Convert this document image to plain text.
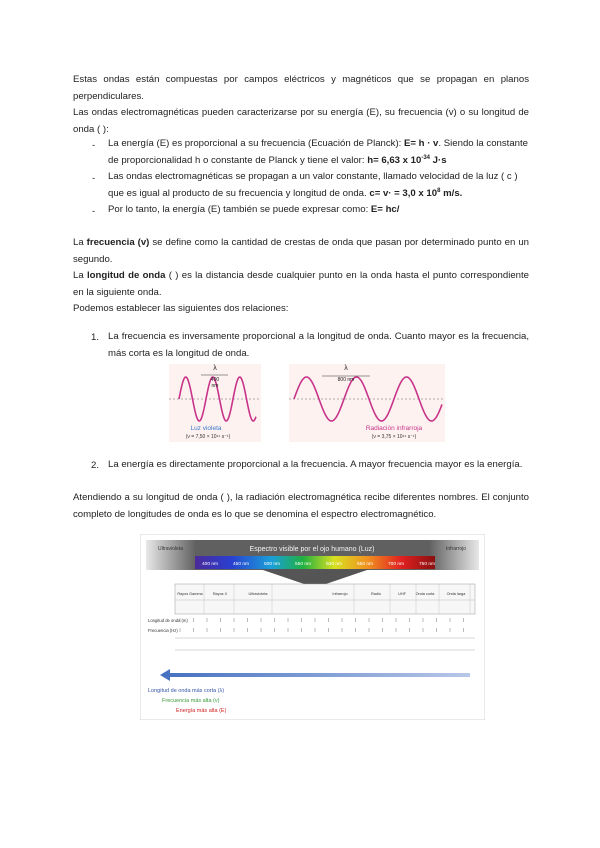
Estas ondas están compuestas por campos eléctricos y magnéticos que se propagan en planos perpendiculares.

Las ondas electromagnéticas pueden caracterizarse por su energía (E), su frecuencia (v) o su longitud de onda ( ):

- La energía (E) es proporcional a su frecuencia (Ecuación de Planck): E= h · v. Siendo la constante de proporcionalidad h o constante de Planck y tiene el valor: h= 6,63 x $10^{-34}$ J·s
- Las ondas electromagnéticas se propagan a un valor constante, llamado velocidad de la luz ( c ) que es igual al producto de su frecuencia y longitud de onda. c= v· = 3,0 x $10^8$ m/s.
- Por lo tanto, la energía (E) también se puede expresar como: E= hc/

La frecuencia (v) se define como la cantidad de crestas de onda que pasan por determinado punto en un segundo.

La longitud de onda ( ) es la distancia desde cualquier punto en la onda hasta el punto correspondiente en la siguiente onda.

Podemos establecer las siguientes dos relaciones:

1. La frecuencia es inversamente proporcional a la longitud de onda. Cuanto mayor es la frecuencia, más corta es la longitud de onda.
λ
400
nm
Luz violeta
(ν = 7,50 × 10¹⁴ s⁻¹)
λ
800 nm
Radiación infrarroja
(ν = 3,75 × 10¹⁴ s⁻¹)
2. La energía es directamente proporcional a la frecuencia. A mayor frecuencia mayor es la energía.

Atendiendo a su longitud de onda ( ), la radiación electromagnética recibe diferentes nombres. El conjunto completo de longitudes de onda es lo que se denomina el espectro electromagnético.

Espectro visible por el ojo humano (Luz)
Ultravioleta	Infrarrojo
400 nm	450 nm	500 nm	550 nm	600 nm	650 nm	700 nm	750 nm
Rayos Gamma	Rayos X	Ultravioleta	Infrarrojo	Radio	UHF	Onda corta	Onda larga
Longitud de onda (m)
Frecuencia (Hz)
Longitud de onda más corta (λ)
Frecuencia más alta (ν)
Energía más alta (E)
